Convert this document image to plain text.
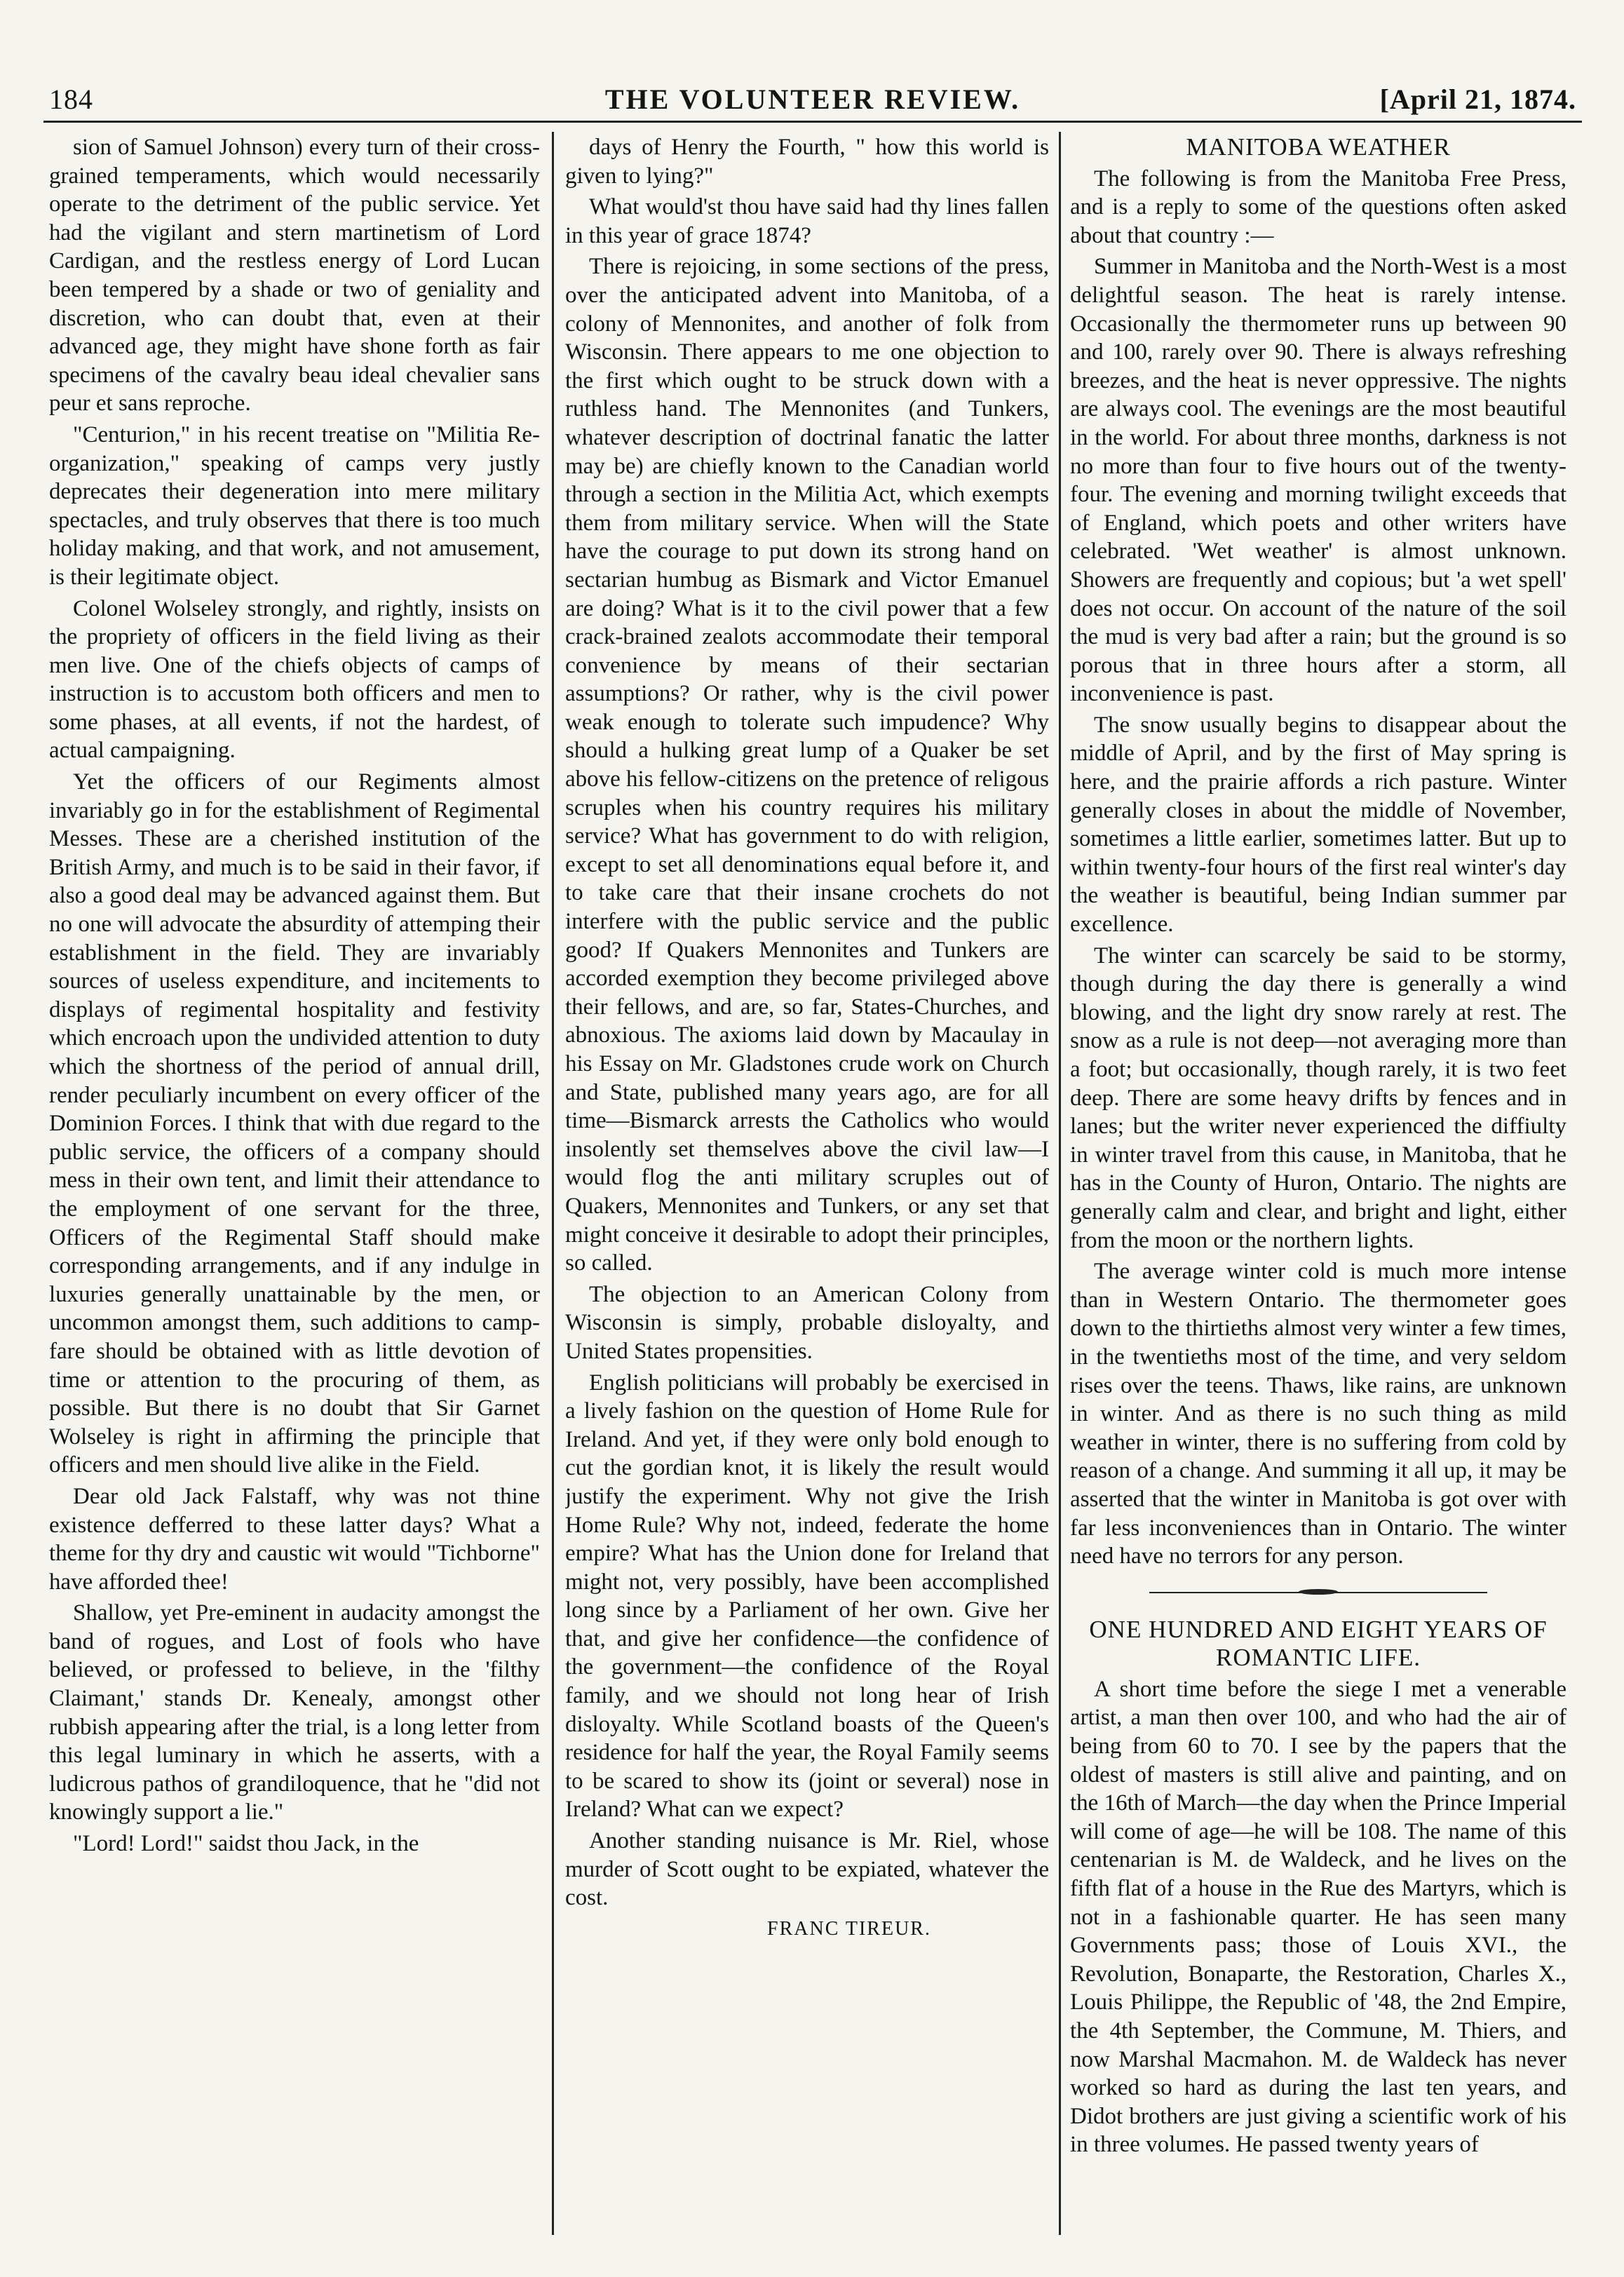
184	THE VOLUNTEER REVIEW.	[April 21, 1874.

sion of Samuel Johnson) every turn of their cross-grained temperaments, which would necessarily operate to the detriment of the public service. Yet had the vigilant and stern martinetism of Lord Cardigan, and the restless energy of Lord Lucan been tempered by a shade or two of geniality and discretion, who can doubt that, even at their advanced age, they might have shone forth as fair specimens of the cavalry beau ideal chevalier sans peur et sans reproche.

"Centurion," in his recent treatise on "Militia Re-organization," speaking of camps very justly deprecates their degeneration into mere military spectacles, and truly observes that there is too much holiday making, and that work, and not amusement, is their legitimate object.

Colonel Wolseley strongly, and rightly, insists on the propriety of officers in the field living as their men live. One of the chiefs objects of camps of instruction is to accustom both officers and men to some phases, at all events, if not the hardest, of actual campaigning.

Yet the officers of our Regiments almost invariably go in for the establishment of Regimental Messes. These are a cherished institution of the British Army, and much is to be said in their favor, if also a good deal may be advanced against them. But no one will advocate the absurdity of attemping their establishment in the field. They are invariably sources of useless expenditure, and incitements to displays of regimental hospitality and festivity which encroach upon the undivided attention to duty which the shortness of the period of annual drill, render peculiarly incumbent on every officer of the Dominion Forces. I think that with due regard to the public service, the officers of a company should mess in their own tent, and limit their attendance to the employment of one servant for the three, Officers of the Regimental Staff should make corresponding arrangements, and if any indulge in luxuries generally unattainable by the men, or uncommon amongst them, such additions to camp-fare should be obtained with as little devotion of time or attention to the procuring of them, as possible. But there is no doubt that Sir Garnet Wolseley is right in affirming the principle that officers and men should live alike in the Field.

Dear old Jack Falstaff, why was not thine existence defferred to these latter days? What a theme for thy dry and caustic wit would "Tichborne" have afforded thee!

Shallow, yet Pre-eminent in audacity amongst the band of rogues, and Lost of fools who have believed, or professed to believe, in the 'filthy Claimant,' stands Dr. Kenealy, amongst other rubbish appearing after the trial, is a long letter from this legal luminary in which he asserts, with a ludicrous pathos of grandiloquence, that he "did not knowingly support a lie."

"Lord! Lord!" saidst thou Jack, in the

days of Henry the Fourth, " how this world is given to lying?"

What would'st thou have said had thy lines fallen in this year of grace 1874?

There is rejoicing, in some sections of the press, over the anticipated advent into Manitoba, of a colony of Mennonites, and another of folk from Wisconsin. There appears to me one objection to the first which ought to be struck down with a ruthless hand. The Mennonites (and Tunkers, whatever description of doctrinal fanatic the latter may be) are chiefly known to the Canadian world through a section in the Militia Act, which exempts them from military service. When will the State have the courage to put down its strong hand on sectarian humbug as Bismark and Victor Emanuel are doing? What is it to the civil power that a few crack-brained zealots accommodate their temporal convenience by means of their sectarian assumptions? Or rather, why is the civil power weak enough to tolerate such impudence? Why should a hulking great lump of a Quaker be set above his fellow-citizens on the pretence of religous scruples when his country requires his military service? What has government to do with religion, except to set all denominations equal before it, and to take care that their insane crochets do not interfere with the public service and the public good? If Quakers Mennonites and Tunkers are accorded exemption they become privileged above their fellows, and are, so far, States-Churches, and abnoxious. The axioms laid down by Macaulay in his Essay on Mr. Gladstones crude work on Church and State, published many years ago, are for all time—Bismarck arrests the Catholics who would insolently set themselves above the civil law—I would flog the anti military scruples out of Quakers, Mennonites and Tunkers, or any set that might conceive it desirable to adopt their principles, so called.

The objection to an American Colony from Wisconsin is simply, probable disloyalty, and United States propensities.

English politicians will probably be exercised in a lively fashion on the question of Home Rule for Ireland. And yet, if they were only bold enough to cut the gordian knot, it is likely the result would justify the experiment. Why not give the Irish Home Rule? Why not, indeed, federate the home empire? What has the Union done for Ireland that might not, very possibly, have been accomplished long since by a Parliament of her own. Give her that, and give her confidence—the confidence of the government—the confidence of the Royal family, and we should not long hear of Irish disloyalty. While Scotland boasts of the Queen's residence for half the year, the Royal Family seems to be scared to show its (joint or several) nose in Ireland? What can we expect?

Another standing nuisance is Mr. Riel, whose murder of Scott ought to be expiated, whatever the cost.

FRANC TIREUR.

MANITOBA WEATHER

The following is from the Manitoba Free Press, and is a reply to some of the questions often asked about that country :—

Summer in Manitoba and the North-West is a most delightful season. The heat is rarely intense. Occasionally the thermometer runs up between 90 and 100, rarely over 90. There is always refreshing breezes, and the heat is never oppressive. The nights are always cool. The evenings are the most beautiful in the world. For about three months, darkness is not no more than four to five hours out of the twenty-four. The evening and morning twilight exceeds that of England, which poets and other writers have celebrated. 'Wet weather' is almost unknown. Showers are frequently and copious; but 'a wet spell' does not occur. On account of the nature of the soil the mud is very bad after a rain; but the ground is so porous that in three hours after a storm, all inconvenience is past.

The snow usually begins to disappear about the middle of April, and by the first of May spring is here, and the prairie affords a rich pasture. Winter generally closes in about the middle of November, sometimes a little earlier, sometimes latter. But up to within twenty-four hours of the first real winter's day the weather is beautiful, being Indian summer par excellence.

The winter can scarcely be said to be stormy, though during the day there is generally a wind blowing, and the light dry snow rarely at rest. The snow as a rule is not deep—not averaging more than a foot; but occasionally, though rarely, it is two feet deep. There are some heavy drifts by fences and in lanes; but the writer never experienced the diffiulty in winter travel from this cause, in Manitoba, that he has in the County of Huron, Ontario. The nights are generally calm and clear, and bright and light, either from the moon or the northern lights.

The average winter cold is much more intense than in Western Ontario. The thermometer goes down to the thirtieths almost very winter a few times, in the twentieths most of the time, and very seldom rises over the teens. Thaws, like rains, are unknown in winter. And as there is no such thing as mild weather in winter, there is no suffering from cold by reason of a change. And summing it all up, it may be asserted that the winter in Manitoba is got over with far less inconveniences than in Ontario. The winter need have no terrors for any person.

ONE HUNDRED AND EIGHT YEARS OF ROMANTIC LIFE.

A short time before the siege I met a venerable artist, a man then over 100, and who had the air of being from 60 to 70. I see by the papers that the oldest of masters is still alive and painting, and on the 16th of March—the day when the Prince Imperial will come of age—he will be 108. The name of this centenarian is M. de Waldeck, and he lives on the fifth flat of a house in the Rue des Martyrs, which is not in a fashionable quarter. He has seen many Governments pass; those of Louis XVI., the Revolution, Bonaparte, the Restoration, Charles X., Louis Philippe, the Republic of '48, the 2nd Empire, the 4th September, the Commune, M. Thiers, and now Marshal Macmahon. M. de Waldeck has never worked so hard as during the last ten years, and Didot brothers are just giving a scientific work of his in three volumes. He passed twenty years of
